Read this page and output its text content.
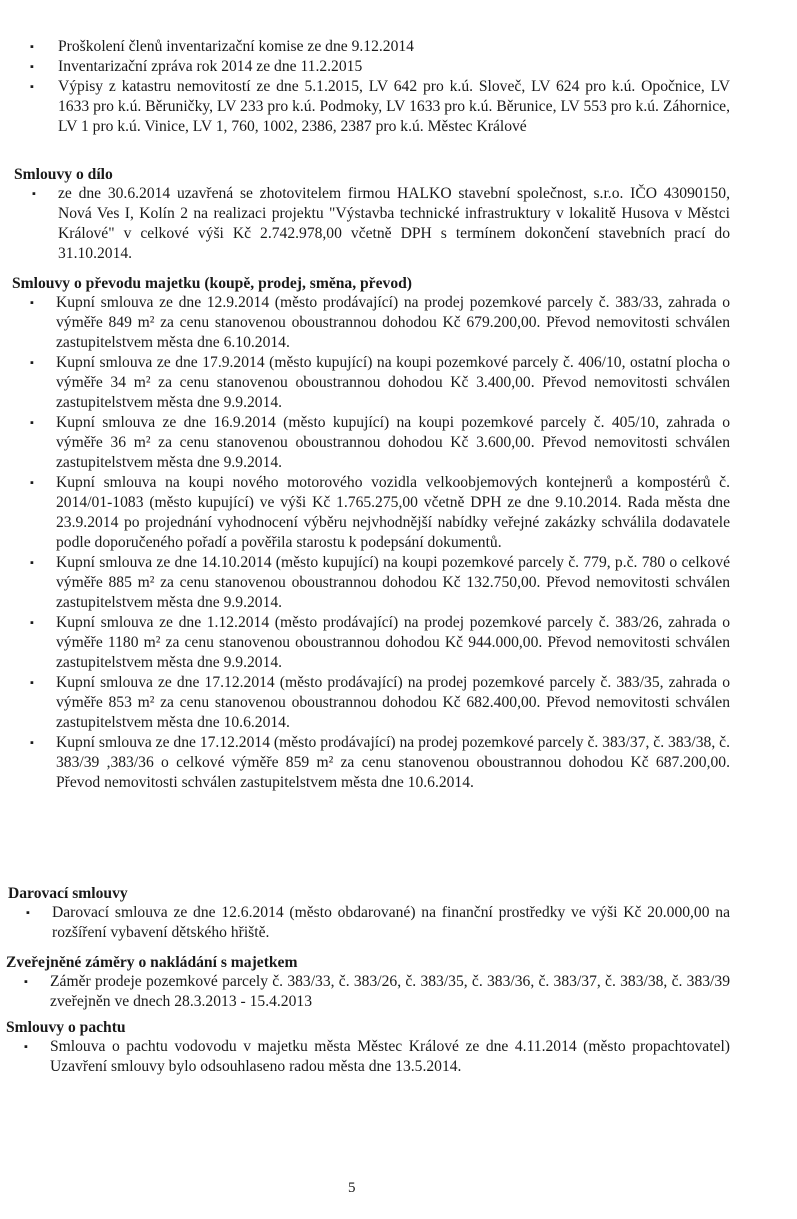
▪ Proškolení členů inventarizační komise ze dne 9.12.2014
▪ Inventarizační zpráva rok 2014 ze dne 11.2.2015
▪ Výpisy z katastru nemovitostí ze dne 5.1.2015, LV 642 pro k.ú. Sloveč, LV 624 pro k.ú. Opočnice, LV 1633 pro k.ú. Běruničky, LV 233 pro k.ú. Podmoky, LV 1633 pro k.ú. Běrunice, LV 553 pro k.ú. Záhornice, LV 1 pro k.ú. Vinice, LV 1, 760, 1002, 2386, 2387 pro k.ú. Městec Králové
Smlouvy o dílo
▪ ze dne 30.6.2014 uzavřená se zhotovitelem firmou HALKO stavební společnost, s.r.o. IČO 43090150, Nová Ves I, Kolín 2 na realizaci projektu "Výstavba technické infrastruktury v lokalitě Husova v Městci Králové" v celkové výši Kč 2.742.978,00 včetně DPH s termínem dokončení stavebních prací do 31.10.2014.
Smlouvy o převodu majetku (koupě, prodej, směna, převod)
▪ Kupní smlouva ze dne 12.9.2014 (město prodávající) na prodej pozemkové parcely č. 383/33, zahrada o výměře 849 m² za cenu stanovenou oboustrannou dohodou Kč 679.200,00. Převod nemovitosti schválen zastupitelstvem města dne 6.10.2014.
▪ Kupní smlouva ze dne 17.9.2014 (město kupující) na koupi pozemkové parcely č. 406/10, ostatní plocha o výměře 34 m² za cenu stanovenou oboustrannou dohodou Kč 3.400,00. Převod nemovitosti schválen zastupitelstvem města dne 9.9.2014.
▪ Kupní smlouva ze dne 16.9.2014 (město kupující) na koupi pozemkové parcely č. 405/10, zahrada o výměře 36 m² za cenu stanovenou oboustrannou dohodou Kč 3.600,00. Převod nemovitosti schválen zastupitelstvem města dne 9.9.2014.
▪ Kupní smlouva na koupi nového motorového vozidla velkoobjemových kontejnerů a kompostérů č. 2014/01-1083 (město kupující) ve výši Kč 1.765.275,00 včetně DPH ze dne 9.10.2014. Rada města dne 23.9.2014 po projednání vyhodnocení výběru nejvhodnější nabídky veřejné zakázky schválila dodavatele podle doporučeného pořadí a pověřila starostu k podepsání dokumentů.
▪ Kupní smlouva ze dne 14.10.2014 (město kupující) na koupi pozemkové parcely č. 779, p.č. 780 o celkové výměře 885 m² za cenu stanovenou oboustrannou dohodou Kč 132.750,00. Převod nemovitosti schválen zastupitelstvem města dne 9.9.2014.
▪ Kupní smlouva ze dne 1.12.2014 (město prodávající) na prodej pozemkové parcely č. 383/26, zahrada o výměře 1180 m² za cenu stanovenou oboustrannou dohodou Kč 944.000,00. Převod nemovitosti schválen zastupitelstvem města dne 9.9.2014.
▪ Kupní smlouva ze dne 17.12.2014 (město prodávající) na prodej pozemkové parcely č. 383/35, zahrada o výměře 853 m² za cenu stanovenou oboustrannou dohodou Kč 682.400,00. Převod nemovitosti schválen zastupitelstvem města dne 10.6.2014.
▪ Kupní smlouva ze dne 17.12.2014 (město prodávající) na prodej pozemkové parcely č. 383/37, č. 383/38, č. 383/39 ,383/36 o celkové výměře 859 m² za cenu stanovenou oboustrannou dohodou Kč 687.200,00. Převod nemovitosti schválen zastupitelstvem města dne 10.6.2014.
Darovací smlouvy
▪ Darovací smlouva ze dne 12.6.2014 (město obdarované) na finanční prostředky ve výši Kč 20.000,00 na rozšíření vybavení dětského hřiště.
Zveřejněné záměry o nakládání s majetkem
▪ Záměr prodeje pozemkové parcely č. 383/33, č. 383/26, č. 383/35, č. 383/36, č. 383/37, č. 383/38, č. 383/39 zveřejněn ve dnech 28.3.2013 - 15.4.2013
Smlouvy o pachtu
▪ Smlouva o pachtu vodovodu v majetku města Městec Králové ze dne 4.11.2014 (město propachtovatel) Uzavření smlouvy bylo odsouhlaseno radou města dne 13.5.2014.
5
